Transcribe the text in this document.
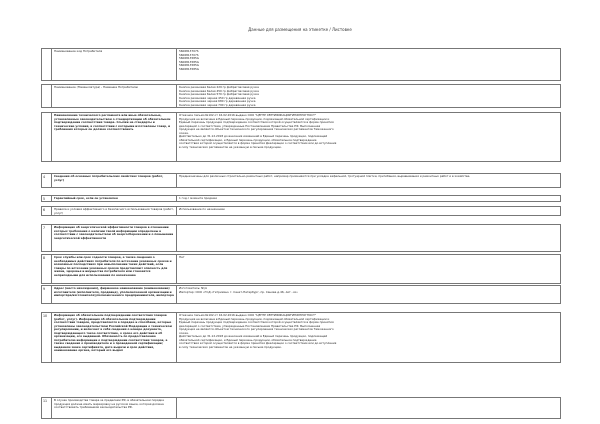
Данные для размещения на этикетке / Листовке
Наименование код Потребителя	5606813707S
5606813707S
5606813585G
5606813585G
5606813585G
5606813585G
Наименование (Номенклатура) - Название Потребителю	Кнопка резиновая белая 229 гр фибрагласовая ручка
Кнопка резиновая белая 450 гр фибрагласовая ручка
Кнопка резиновая белая 570 гр фибрагласовая ручка
Кнопка резиновая черная 450 гр деревянная ручка
Кнопка резиновая черная 680 гр деревянная ручка
Кнопка резиновая черная 790 гр деревянная ручка
Наименование технического регламента или иные обязательные, установленные законодательством о стандартизации об обязательном подтверждении соответствия товара. Ссылки на стандарты и технические условия, в соответствии с которыми изготовлены товар, и требования которых он должен соответствовать
Отказное письмо №102 от 16.02.2016 выдано ООО "ЦЕНТР СЕРТИФИКАЦИИ"ИНЖПРОГНОСТ"
Продукция не включена в Единый перечень продукции, подлежащей обязательной сертификации и
Единый перечень продукции подтверждение соответствия которой осуществляется в форме принятия
деклараций о соответствии, утвержденные Постановлением Правительства РФ. Выполненная
продукция не является объектом технического регулирования технических регламентов Таможенного
союза.
Действительно до 31.12.2018 до внесения изменений в Единый перечень продукции, подлежащей
обязательной сертификации, и Единый перечень продукции, обязательное подтверждение
соответствия которой осуществляется в форме принятия Декларации о соответствии или до вступления
в силу технических регламентов на указанную в письме продукцию.
4	Сведения об основных потребительских свойствах товаров (работ, услуг)
Предназначены для различных строительно-ремонтных работ, например применяются при укладке кафельной, тротуарной плитки, пригибания, выравнивания и ремонтных работ и в хозяйстве.
5	Гарантийный срок, если он установлен	1 год с момента продажи
6	Правила и условия эффективного и безопасного использования товаров (работ, услуг)
Использование по назначению
7	Информация об энергетической эффективности товаров в отношении которых требования о наличии такой информации определены в соответствии с законодательством об энергосбережении и о повышении энергетической эффективности
8	Срок службы или срок годности товаров, а также сведения о необходимых действиях потребителя по истечении указанных сроков и возможных последствиях при невыполнении таких действий, если товары по истечении указанных сроков представляют опасность для жизни, здоровья и имущества потребителя или становятся непригодными для использования по назначению
Нет
9	Адрес (место нахождения), фирменное наименование (наименование) изготовителя (исполнителя, продавца), уполномоченной организации и импортёра/изготовителя/уполномоченного предпринимателя, импортера
Изготовитель: N\/A
Импортер: ООО «ГСД «Гетриман» г. Санкт-Петербург, пр. Санова д.46, лит. «А»
10	Информация об обязательном подтверждении соответствия товаров (работ, услуг). Информация об обязательном подтверждении соответствия товаров, представляется в порядке и способами, которые установлены законодательством Российской Федерации о техническом регулировании, и включает в себя сведения о номере документа, подтверждающего такое соответствие, о сроке его действия и об организации, его выдавшей. Обязанность по предоставлению потребителю информации о подтверждении соответствия товаров, а также сведения о производителе и о проведенной сертификации; выданном знаке сертификата, дате выдачи и срок действия, наименование органа, который его выдал
Отказное письмо №102 от 16.02.2016 выдано ООО "ЦЕНТР СЕРТИФИКАЦИИ"ИНЖПРОГНОСТ"
Продукция не включена в Единый перечень продукции, подлежащей обязательной сертификации и
Единый перечень продукции подтверждение соответствия которой осуществляется в форме принятия
деклараций о соответствии, утвержденные Постановлением Правительства РФ. Выполненная
продукция не является объектом технического регулирования технических регламентов Таможенного
союза.
Действительно до 31.12.2018 до внесения изменений в Единый перечень продукции, подлежащей
обязательной сертификации, и Единый перечень продукции, обязательное подтверждение
соответствия которой осуществляется в форме принятия Декларации о соответствии или до вступления
в силу технических регламентов на указанную в письме продукцию.
11	В случае производства товара за пределами РФ, в обязательном порядке продукция должна иметь маркировку на русском языке, которая должна соответствовать требованиям законодательства РФ.
